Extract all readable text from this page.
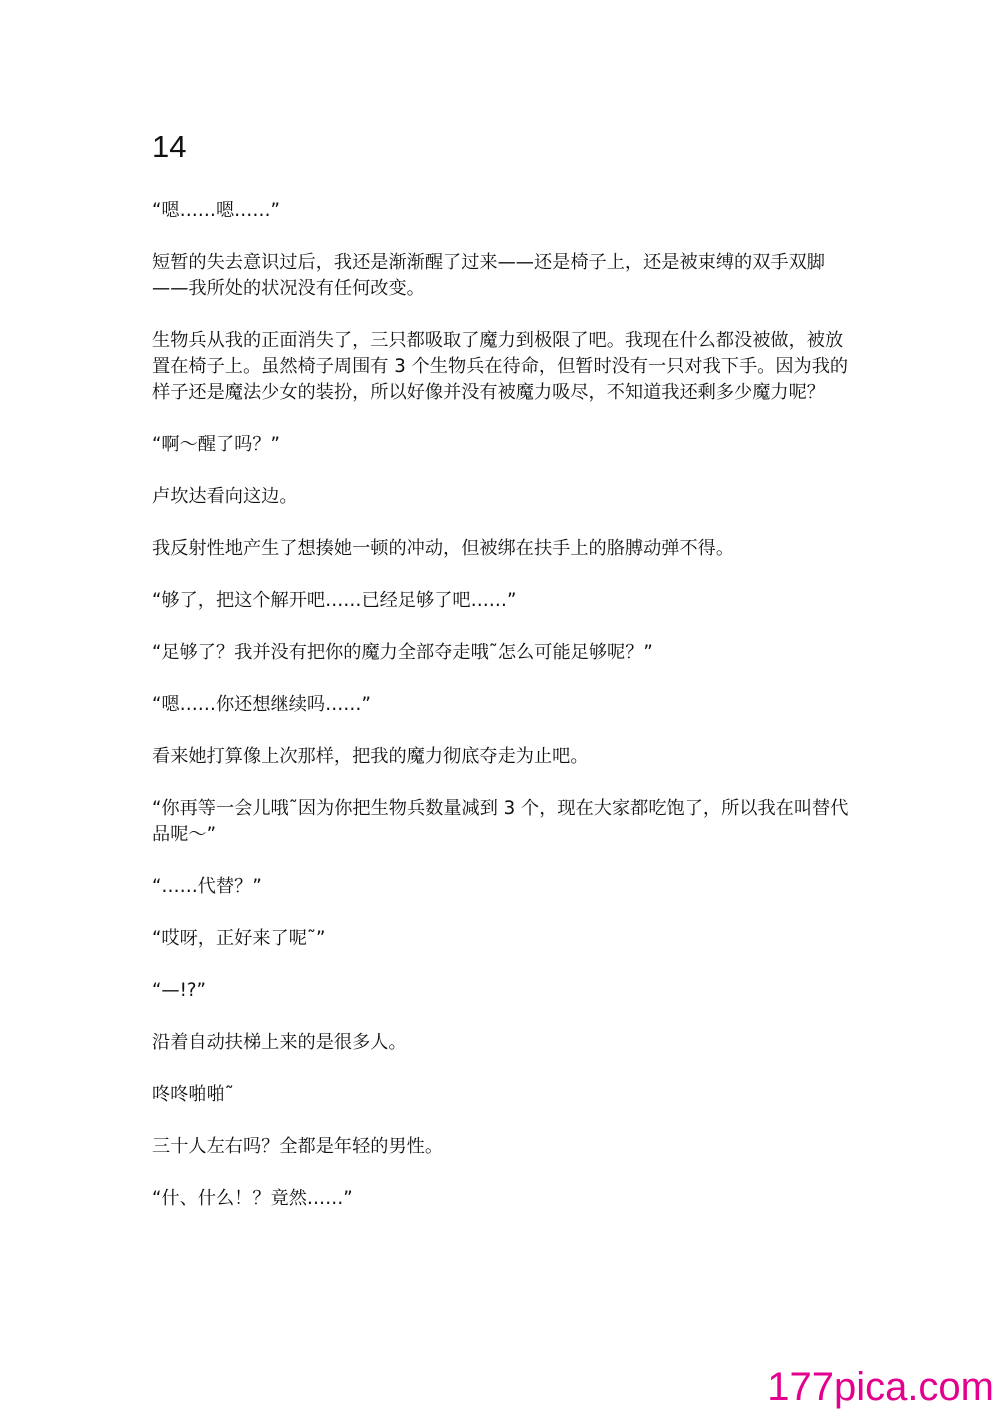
14

“嗯……嗯……”

短暂的失去意识过后，我还是渐渐醒了过来——还是椅子上，还是被束缚的双手双脚——我所处的状况没有任何改变。

生物兵从我的正面消失了，三只都吸取了魔力到极限了吧。我现在什么都没被做，被放置在椅子上。虽然椅子周围有 3 个生物兵在待命，但暂时没有一只对我下手。因为我的样子还是魔法少女的装扮，所以好像并没有被魔力吸尽，不知道我还剩多少魔力呢？

“啊～醒了吗？”

卢坎达看向这边。

我反射性地产生了想揍她一顿的冲动，但被绑在扶手上的胳膊动弹不得。

“够了，把这个解开吧……已经足够了吧……”

“足够了？我并没有把你的魔力全部夺走哦˜怎么可能足够呢？”

“嗯……你还想继续吗……”

看来她打算像上次那样，把我的魔力彻底夺走为止吧。

“你再等一会儿哦˜因为你把生物兵数量减到 3 个，现在大家都吃饱了，所以我在叫替代品呢～”

“……代替？”

“哎呀，正好来了呢˜”

“—!?”

沿着自动扶梯上来的是很多人。

咚咚啪啪˜

三十人左右吗？全都是年轻的男性。

“什、什么！？竟然……”

177pica.com
